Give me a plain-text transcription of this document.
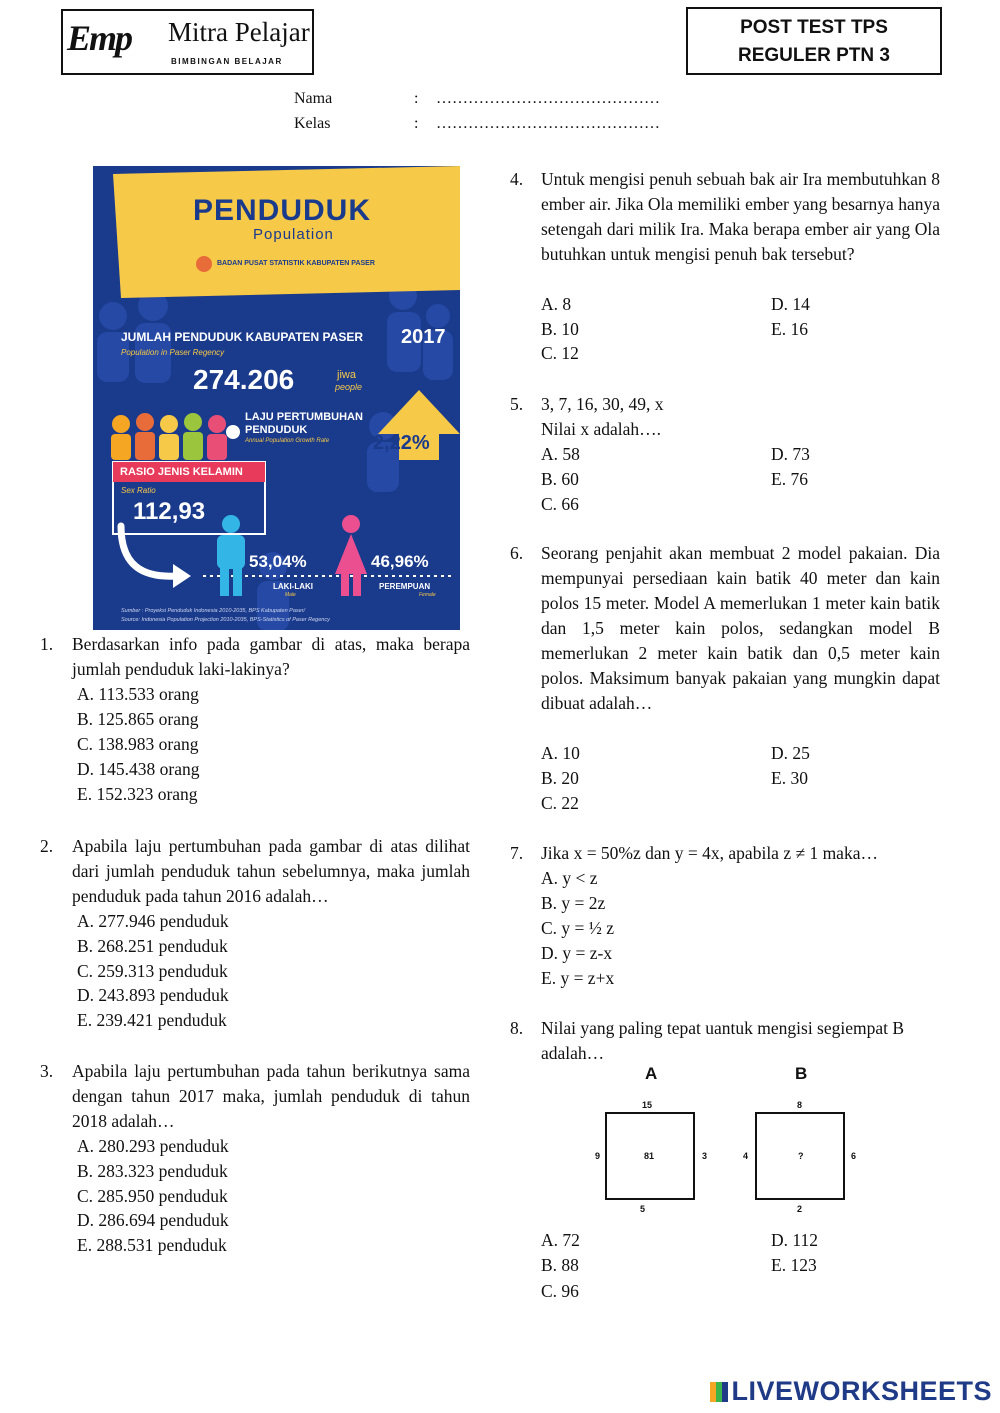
Emp Mitra Pelajar
BIMBINGAN BELAJAR
POST TEST TPS
REGULER PTN 3
Nama	: ……………………………………
Kelas	: ……………………………………
PENDUDUK
Population
BADAN PUSAT STATISTIK KABUPATEN PASER
JUMLAH PENDUDUK KABUPATEN PASER 2017
Population in Paser Regency
274.206	jiwa
people
LAJU PERTUMBUHAN
PENDUDUK
Annual Population Growth Rate 2,22%
RASIO JENIS KELAMIN
Sex Ratio
112,93
53,04%	46,96%
LAKI-LAKI
Male
PEREMPUAN
Female
Sumber : Proyeksi Penduduk Indonesia 2010-2035, BPS Kabupaten Paser/
Source: Indonesia Population Projection 2010-2035, BPS-Statistics of Paser Regency
1. Berdasarkan info pada gambar di atas, maka berapa jumlah penduduk laki-lakinya?
A. 113.533 orang
B. 125.865 orang
C. 138.983 orang
D. 145.438 orang
E. 152.323 orang
2. Apabila laju pertumbuhan pada gambar di atas dilihat dari jumlah penduduk tahun sebelumnya, maka jumlah penduduk pada tahun 2016 adalah…
A. 277.946 penduduk
B. 268.251 penduduk
C. 259.313 penduduk
D. 243.893 penduduk
E. 239.421 penduduk
3. Apabila laju pertumbuhan pada tahun berikutnya sama dengan tahun 2017 maka, jumlah penduduk di tahun 2018 adalah…
A. 280.293 penduduk
B. 283.323 penduduk
C. 285.950 penduduk
D. 286.694 penduduk
E. 288.531 penduduk
4. Untuk mengisi penuh sebuah bak air Ira membutuhkan 8 ember air. Jika Ola memiliki ember yang besarnya hanya setengah dari milik Ira. Maka berapa ember air yang Ola butuhkan untuk mengisi penuh bak tersebut?
A. 8
B. 10
C. 12
D. 14
E. 16
5. 3, 7, 16, 30, 49, x
Nilai x adalah….
A. 58
B. 60
C. 66
D. 73
E. 76
6. Seorang penjahit akan membuat 2 model pakaian. Dia mempunyai persediaan kain batik 40 meter dan kain polos 15 meter. Model A memerlukan 1 meter kain batik dan 1,5 meter kain polos, sedangkan model B memerlukan 2 meter kain batik dan 0,5 meter kain polos. Maksimum banyak pakaian yang mungkin dapat dibuat adalah…
A. 10
B. 20
C. 22
D. 25
E. 30
7. Jika x = 50%z dan y = 4x, apabila z ≠ 1 maka…
A. y < z
B. y = 2z
C. y = ½ z
D. y = z-x
E. y = z+x
8. Nilai yang paling tepat uantuk mengisi segiempat B adalah…
A	B
15
9	81	3
5
8
4	?	6
2
A. 72
B. 88
C. 96
D. 112
E. 123
LIVEWORKSHEETS
